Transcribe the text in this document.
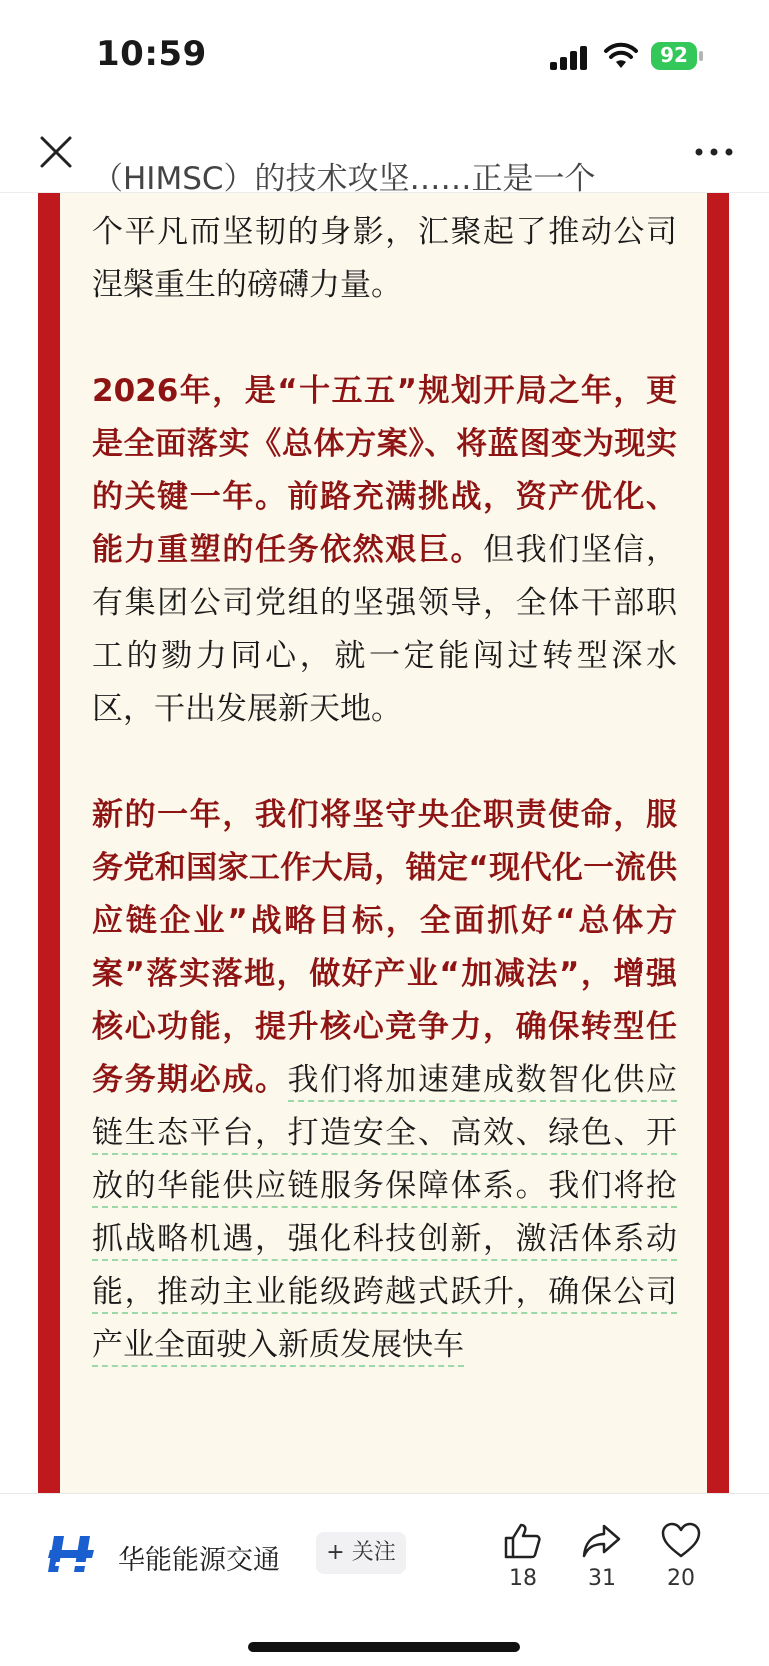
10:59	92

（HIMSC）的技术攻坚……正是一个
个平凡而坚韧的身影，汇聚起了推动公司涅槃重生的磅礴力量。

2026年，是“十五五”规划开局之年，更是全面落实《总体方案》、将蓝图变为现实的关键一年。前路充满挑战，资产优化、能力重塑的任务依然艰巨。但我们坚信，有集团公司党组的坚强领导，全体干部职工的勠力同心，就一定能闯过转型深水区，干出发展新天地。

新的一年，我们将坚守央企职责使命，服务党和国家工作大局，锚定“现代化一流供应链企业”战略目标，全面抓好“总体方案”落实落地，做好产业“加减法”，增强核心功能，提升核心竞争力，确保转型任务务期必成。我们将加速建成数智化供应链生态平台，打造安全、高效、绿色、开放的华能供应链服务保障体系。我们将抢抓战略机遇，强化科技创新，激活体系动能，推动主业能级跨越式跃升，确保公司产业全面驶入新质发展快车

华能能源交通	+ 关注
18	31	20
